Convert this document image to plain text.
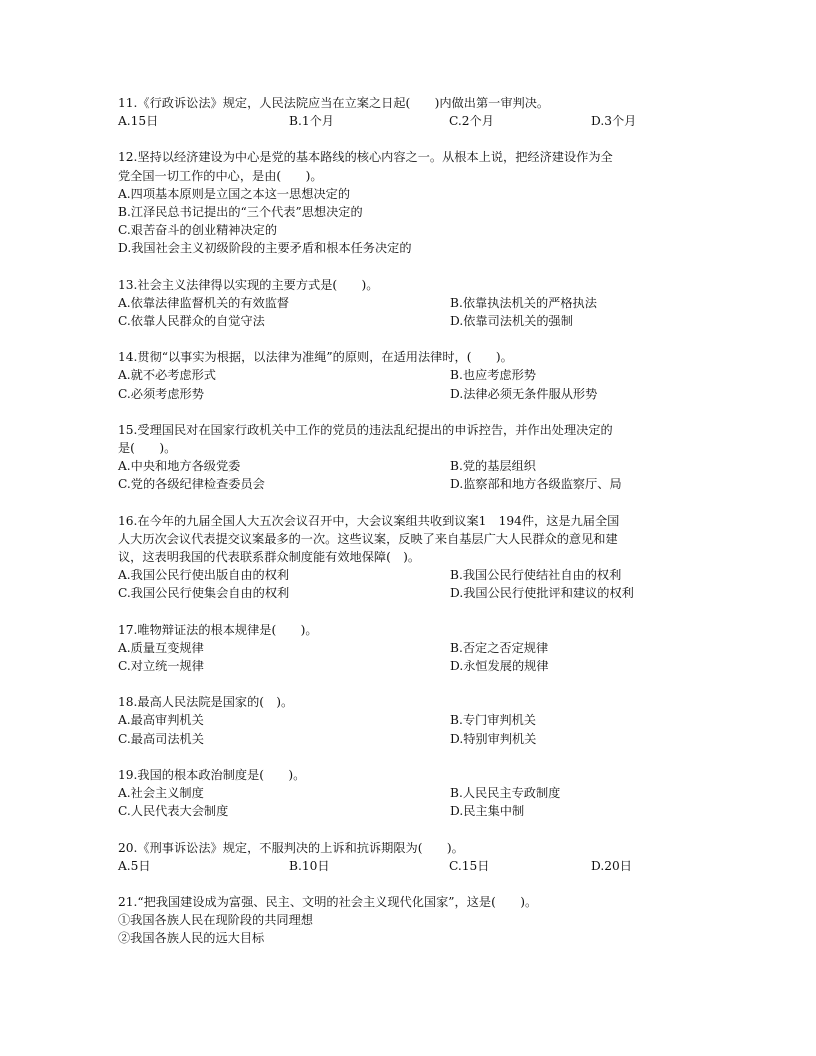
11.《行政诉讼法》规定，人民法院应当在立案之日起(　　)内做出第一审判决。
A.15日	B.1个月	C.2个月	D.3个月
12.坚持以经济建设为中心是党的基本路线的核心内容之一。从根本上说，把经济建设作为全
党全国一切工作的中心，是由(　　)。
A.四项基本原则是立国之本这一思想决定的
B.江泽民总书记提出的“三个代表”思想决定的
C.艰苦奋斗的创业精神决定的
D.我国社会主义初级阶段的主要矛盾和根本任务决定的
13.社会主义法律得以实现的主要方式是(　　)。
A.依靠法律监督机关的有效监督	B.依靠执法机关的严格执法
C.依靠人民群众的自觉守法	D.依靠司法机关的强制
14.贯彻“以事实为根据，以法律为准绳”的原则，在适用法律时，(　　)。
A.就不必考虑形式	B.也应考虑形势
C.必须考虑形势	D.法律必须无条件服从形势
15.受理国民对在国家行政机关中工作的党员的违法乱纪提出的申诉控告，并作出处理决定的
是(　　)。
A.中央和地方各级党委	B.党的基层组织
C.党的各级纪律检查委员会	D.监察部和地方各级监察厅、局
16.在今年的九届全国人大五次会议召开中，大会议案组共收到议案1　194件，这是九届全国
人大历次会议代表提交议案最多的一次。这些议案，反映了来自基层广大人民群众的意见和建
议，这表明我国的代表联系群众制度能有效地保障(　)。
A.我国公民行使出版自由的权利	B.我国公民行使结社自由的权利
C.我国公民行使集会自由的权利	D.我国公民行使批评和建议的权利
17.唯物辩证法的根本规律是(　　)。
A.质量互变规律	B.否定之否定规律
C.对立统一规律	D.永恒发展的规律
18.最高人民法院是国家的(　)。
A.最高审判机关	B.专门审判机关
C.最高司法机关	D.特别审判机关
19.我国的根本政治制度是(　　)。
A.社会主义制度	B.人民民主专政制度
C.人民代表大会制度	D.民主集中制
20.《刑事诉讼法》规定，不服判决的上诉和抗诉期限为(　　)。
A.5日	B.10日	C.15日	D.20日
21.“把我国建设成为富强、民主、文明的社会主义现代化国家”，这是(　　)。
①我国各族人民在现阶段的共同理想
②我国各族人民的远大目标
